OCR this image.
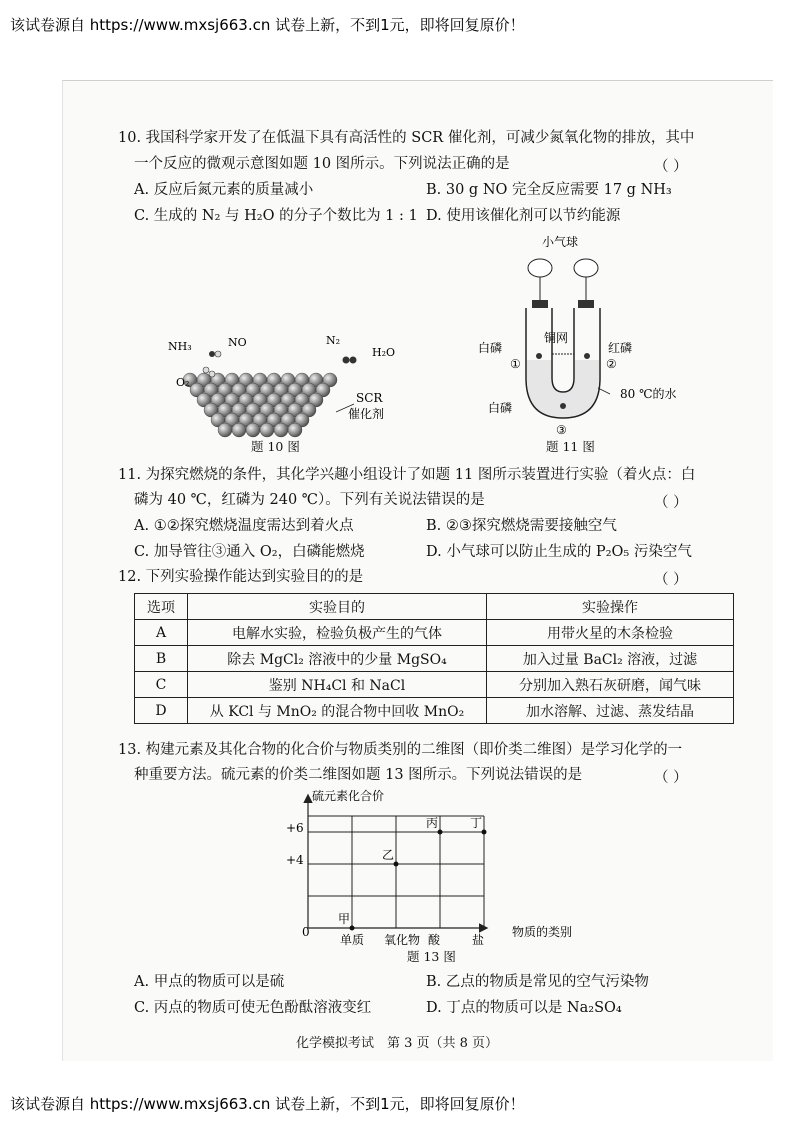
该试卷源自 https://www.mxsj663.cn 试卷上新，不到1元，即将回复原价！
10. 我国科学家开发了在低温下具有高活性的 SCR 催化剂，可减少氮氧化物的排放，其中
一个反应的微观示意图如题 10 图所示。下列说法正确的是	（ ）
A. 反应后氮元素的质量减小	B. 30 g NO 完全反应需要 17 g NH₃
C. 生成的 N₂ 与 H₂O 的分子个数比为 1 : 1 D. 使用该催化剂可以节约能源
NH₃	NO
O₂
N₂
H₂O
SCR
催化剂
题 10 图
铜网
小气球
白磷
①
红磷
②
80 ℃的水
白磷
③
题 11 图
11. 为探究燃烧的条件，其化学兴趣小组设计了如题 11 图所示装置进行实验（着火点：白
磷为 40 ℃，红磷为 240 ℃）。下列有关说法错误的是	（ ）
A. ①②探究燃烧温度需达到着火点	B. ②③探究燃烧需要接触空气
C. 加导管往③通入 O₂，白磷能燃烧	D. 小气球可以防止生成的 P₂O₅ 污染空气
12. 下列实验操作能达到实验目的的是	（ ）
选项	实验目的	实验操作
A	电解水实验，检验负极产生的气体	用带火星的木条检验
B	除去 MgCl₂ 溶液中的少量 MgSO₄	加入过量 BaCl₂ 溶液，过滤
C	鉴别 NH₄Cl 和 NaCl	分别加入熟石灰研磨，闻气味
D	从 KCl 与 MnO₂ 的混合物中回收 MnO₂	加水溶解、过滤、蒸发结晶
13. 构建元素及其化合物的化合价与物质类别的二维图（即价类二维图）是学习化学的一
种重要方法。硫元素的价类二维图如题 13 图所示。下列说法错误的是	（ ）
硫元素化合价
物质的类别
+6
+4
0
单质 氧化物 酸	盐
甲
乙
丙	丁
题 13 图
A. 甲点的物质可以是硫	B. 乙点的物质是常见的空气污染物
C. 丙点的物质可使无色酚酞溶液变红	D. 丁点的物质可以是 Na₂SO₄
化学模拟考试　第 3 页（共 8 页）
该试卷源自 https://www.mxsj663.cn 试卷上新，不到1元，即将回复原价！
